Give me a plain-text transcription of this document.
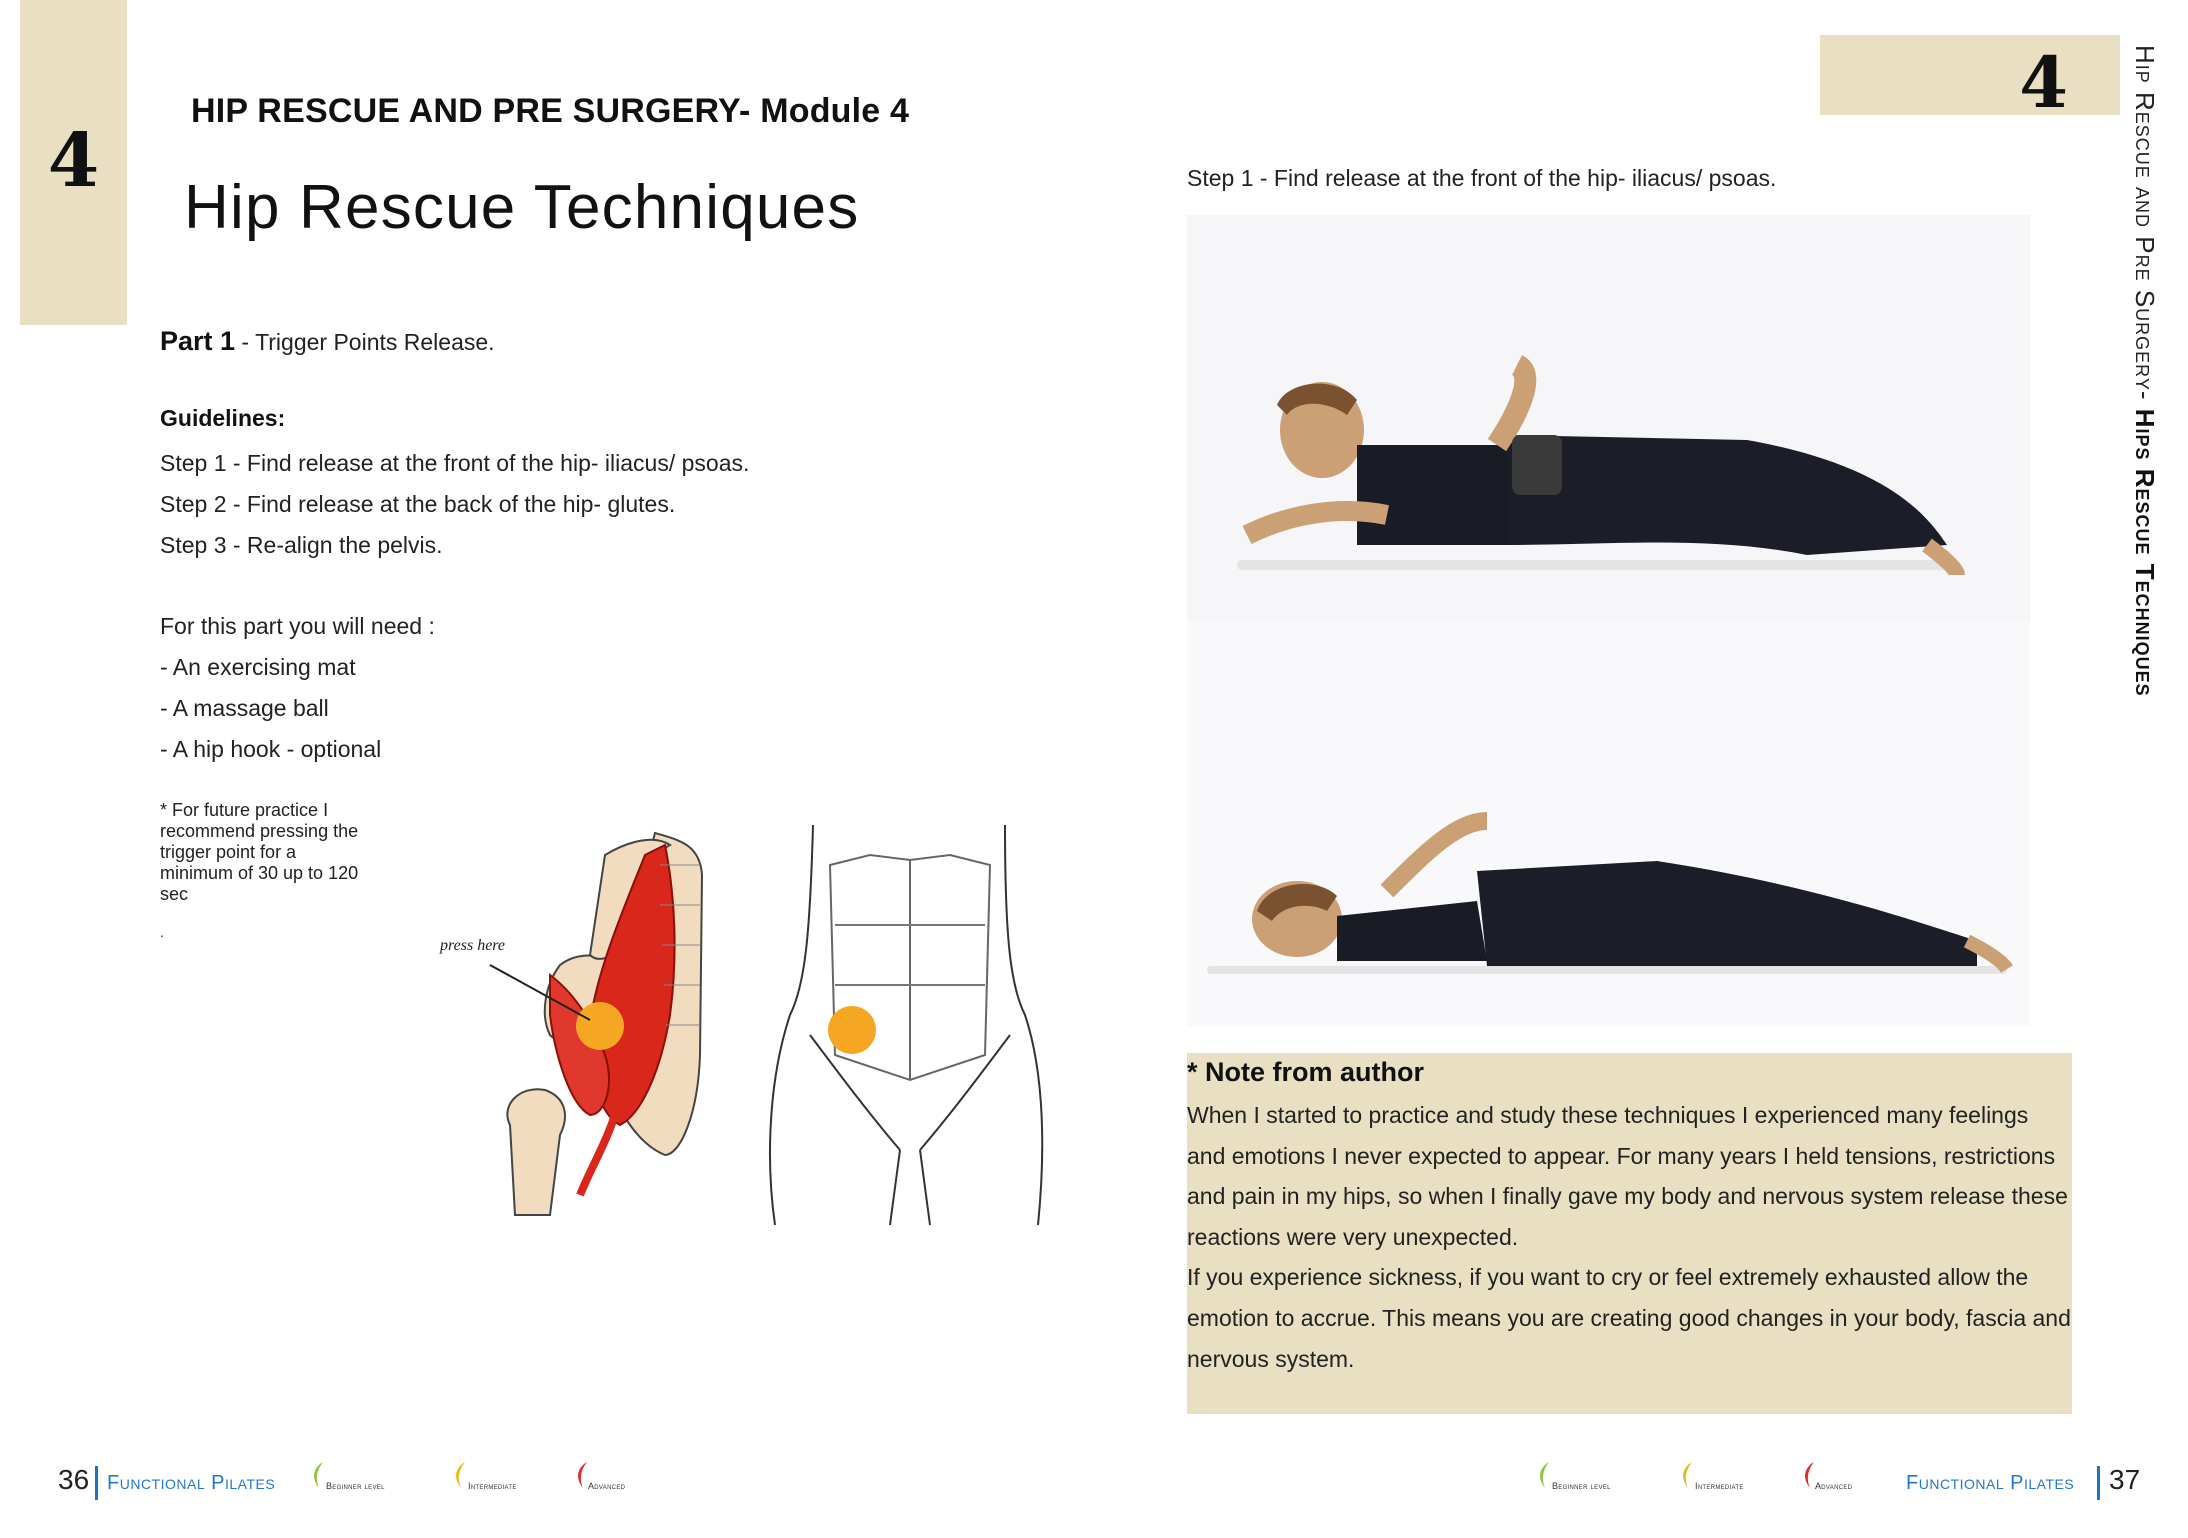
4
HIP RESCUE AND PRE SURGERY- Module 4
Hip Rescue Techniques
Part 1 - Trigger Points Release.
Guidelines:
Step 1 - Find release at the front of the hip- iliacus/ psoas.
Step 2 - Find release at the back of the hip- glutes.
Step 3 - Re-align the pelvis.
For this part you will need :
- An exercising mat
- A massage ball
- A hip hook - optional
* For future practice I recommend pressing the trigger point for a minimum of 30 up to 120 sec
.
press here
Step 1 - Find release at the front of the hip- iliacus/ psoas.
* Note from author
When I started to practice and study these techniques I experienced many feelings and emotions I never expected to appear. For many years I held tensions, restrictions and pain in my hips, so when I finally gave my body and nervous system release these reactions were very unexpected.
If you experience sickness, if you want to cry or feel extremely exhausted allow the emotion to accrue. This means you are creating good changes in your body, fascia and nervous system.
4 Hip Rescue and Pre Surgery- Hips Rescue Techniques
36 Functional Pilates	Beginner level	Intermediate	Advanced	Beginner level	Intermediate	Advanced	Functional Pilates 37
